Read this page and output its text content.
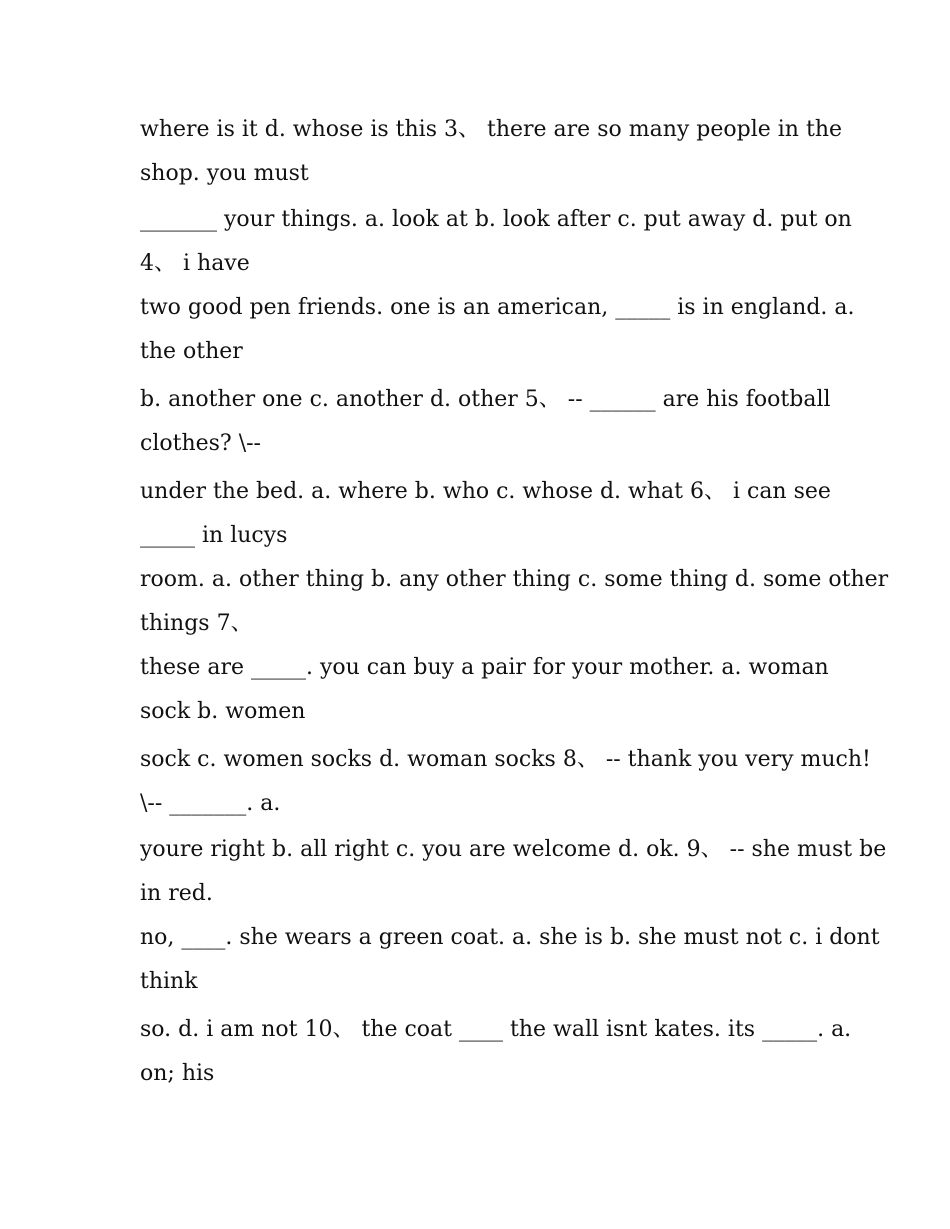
where is it d. whose is this 3、 there are so many people in the
shop. you must
_______ your things. a. look at b. look after c. put away d. put on
4、 i have
two good pen friends. one is an american, _____ is in england. a.
the other
b. another one c. another d. other 5、 -- ______ are his football
clothes? \--
under the bed. a. where b. who c. whose d. what 6、 i can see
_____ in lucys
room. a. other thing b. any other thing c. some thing d. some other
things 7、
these are _____. you can buy a pair for your mother. a. woman
sock b. women
sock c. women socks d. woman socks 8、 -- thank you very much!
\-- _______. a.
youre right b. all right c. you are welcome d. ok. 9、 -- she must be
in red.
no, ____. she wears a green coat. a. she is b. she must not c. i dont
think
so. d. i am not 10、 the coat ____ the wall isnt kates. its _____. a.
on; his
